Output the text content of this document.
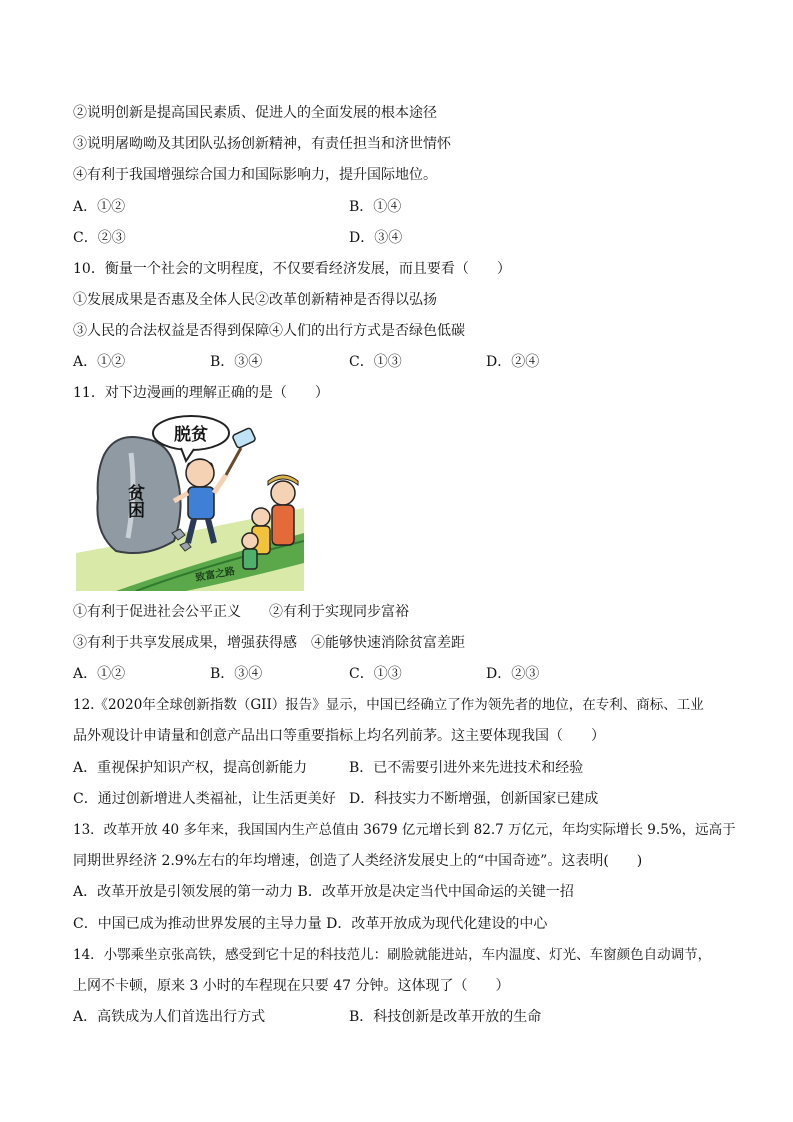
②说明创新是提高国民素质、促进人的全面发展的根本途径
③说明屠呦呦及其团队弘扬创新精神，有责任担当和济世情怀
④有利于我国增强综合国力和国际影响力，提升国际地位。
A．①②	B．①④
C．②③	D．③④
10．衡量一个社会的文明程度，不仅要看经济发展，而且要看（　　）
①发展成果是否惠及全体人民②改革创新精神是否得以弘扬
③人民的合法权益是否得到保障④人们的出行方式是否绿色低碳
A．①②	B．③④	C．①③	D．②④
11．对下边漫画的理解正确的是（　　）
脱贫
贫困
致富之路
①有利于促进社会公平正义　　②有利于实现同步富裕
③有利于共享发展成果，增强获得感　④能够快速消除贫富差距
A．①②	B．③④	C．①③	D．②③
12.《2020年全球创新指数（GII）报告》显示，中国已经确立了作为领先者的地位，在专利、商标、工业
品外观设计申请量和创意产品出口等重要指标上均名列前茅。这主要体现我国（　　）
A．重视保护知识产权，提高创新能力	B．已不需要引进外来先进技术和经验
C．通过创新增进人类福祉，让生活更美好 D．科技实力不断增强，创新国家已建成
13．改革开放 40 多年来，我国国内生产总值由 3679 亿元增长到 82.7 万亿元，年均实际增长 9.5%，远高于
同期世界经济 2.9%左右的年均增速，创造了人类经济发展史上的“中国奇迹”。这表明(　　)
A．改革开放是引领发展的第一动力 B．改革开放是决定当代中国命运的关键一招
C．中国已成为推动世界发展的主导力量 D．改革开放成为现代化建设的中心
14．小鄂乘坐京张高铁，感受到它十足的科技范儿：刷脸就能进站，车内温度、灯光、车窗颜色自动调节，
上网不卡顿，原来 3 小时的车程现在只要 47 分钟。这体现了（　　）
A．高铁成为人们首选出行方式	B．科技创新是改革开放的生命
